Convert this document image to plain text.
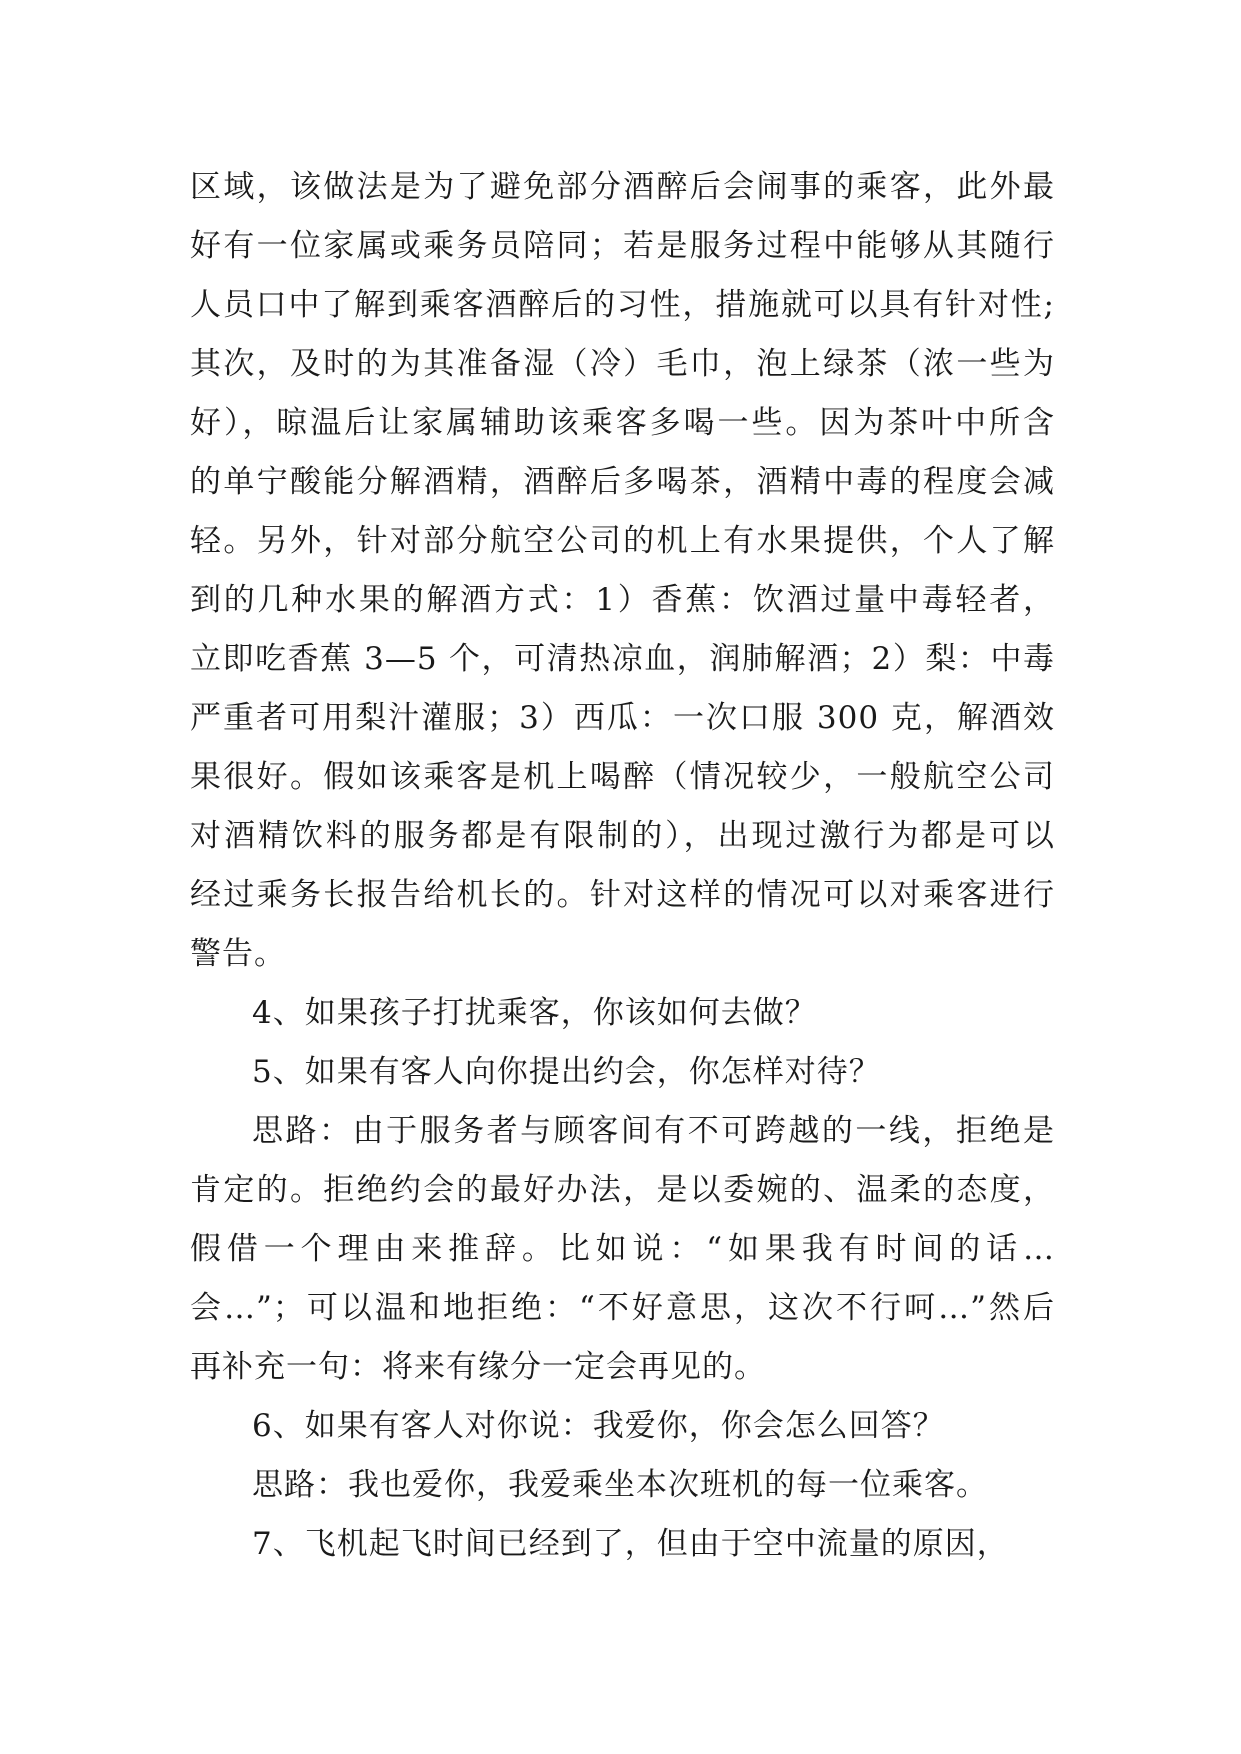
区域，该做法是为了避免部分酒醉后会闹事的乘客，此外最
好有一位家属或乘务员陪同；若是服务过程中能够从其随行
人员口中了解到乘客酒醉后的习性，措施就可以具有针对性;
其次，及时的为其准备湿（冷）毛巾，泡上绿茶（浓一些为
好），晾温后让家属辅助该乘客多喝一些。因为茶叶中所含
的单宁酸能分解酒精，酒醉后多喝茶，酒精中毒的程度会减
轻。另外，针对部分航空公司的机上有水果提供，个人了解
到的几种水果的解酒方式：1）香蕉：饮酒过量中毒轻者，
立即吃香蕉 3—5 个，可清热凉血，润肺解酒；2）梨：中毒
严重者可用梨汁灌服；3）西瓜：一次口服 300 克，解酒效
果很好。假如该乘客是机上喝醉（情况较少，一般航空公司
对酒精饮料的服务都是有限制的），出现过激行为都是可以
经过乘务长报告给机长的。针对这样的情况可以对乘客进行
警告。
4、如果孩子打扰乘客，你该如何去做？
5、如果有客人向你提出约会，你怎样对待？
思路：由于服务者与顾客间有不可跨越的一线，拒绝是
肯定的。拒绝约会的最好办法，是以委婉的、温柔的态度，
假借一个理由来推辞。比如说：“如果我有时间的话…
会…”；可以温和地拒绝：“不好意思，这次不行呵…”然后
再补充一句：将来有缘分一定会再见的。
6、如果有客人对你说：我爱你，你会怎么回答？
思路：我也爱你，我爱乘坐本次班机的每一位乘客。
7、飞机起飞时间已经到了，但由于空中流量的原因，
